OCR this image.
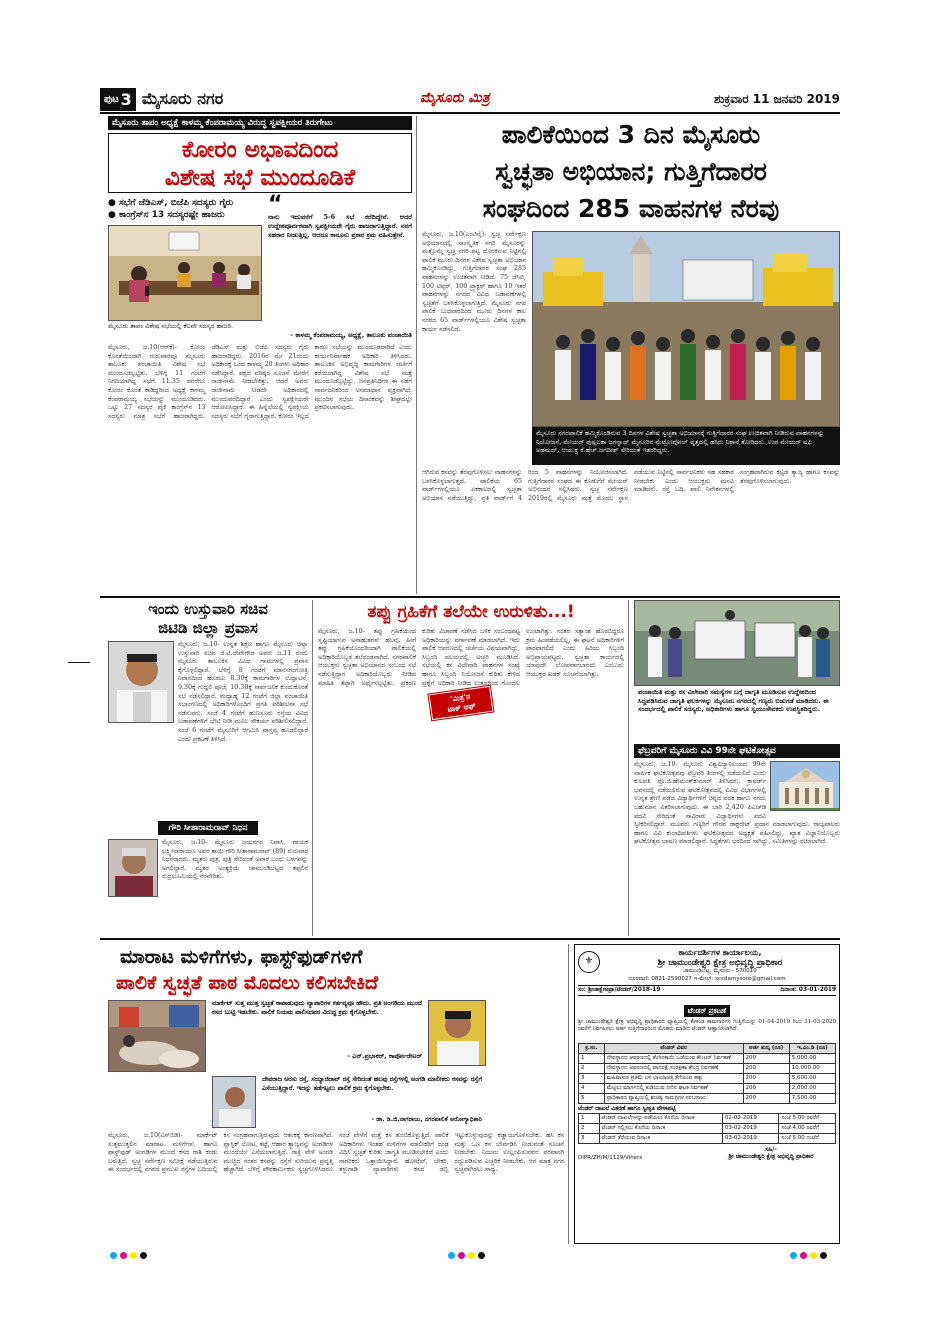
ಪುಟ 3 ಮೈಸೂರು ನಗರ	ಮೈಸೂರು ಮಿತ್ರ	ಶುಕ್ರವಾರ 11 ಜನವರಿ 2019
ಮೈಸೂರು ತಾಪಂ ಅಧ್ಯಕ್ಷೆ ಕಾಳಮ್ಮ ಕೆಂಪರಾಮಯ್ಯ ವಿರುದ್ಧ ಸ್ವಪಕ್ಷೀಯರ ತಿರುಗೇಟು
ಕೋರಂ ಅಭಾವದಿಂದ
ವಿಶೇಷ ಸಭೆ ಮುಂದೂಡಿಕೆ
● ಸಭೆಗೆ ಜೆಡಿಎಸ್, ಬಿಜೆಪಿ ಸದಸ್ಯರು ಗೈರು
● ಕಾಂಗ್ರೆಸ್‌ನ 13 ಸದಸ್ಯರಷ್ಟೇ ಹಾಜರು
ಮೈಸೂರು ತಾಪಂ ವಿಶೇಷ ಸಭೆಯಲ್ಲಿ ಕೆಲವೇ ಸದಸ್ಯರ ಹಾಜರಿ.
“
ನಾನು ಇದುವರೆಗೆ 5-6 ಸಭೆ ಕರೆದಿದ್ದೇನೆ. ಆದರೆ ಉದ್ದೇಶಪೂರ್ವಕವಾಗಿ ಸ್ವಪಕ್ಷೀಯರೇ ಗೈರು ಹಾಜರಾಗುತ್ತಿದ್ದಾರೆ. ನನಗೆ ಸಹಕಾರ ನೀಡುತ್ತಿಲ್ಲ. ಆದರೂ ಕಾನೂನು ಪ್ರಕಾರ ಕ್ರಮ ವಹಿಸುತ್ತೇನೆ.
- ಕಾಳಮ್ಮ ಕೆಂಪರಾಮಯ್ಯ, ಅಧ್ಯಕ್ಷೆ, ತಾಲೂಕು ಪಂಚಾಯಿತಿ
ಮೈಸೂರು, ಜ.10(ಆರ್‌ಕೆ)- ಕೋರಂ ಕೊರತೆಯಿಂದಾಗಿ ಗುರುವಾರವೂ ಮೈಸೂರು ತಾಲೂಕು ಪಂಚಾಯಿತಿ ವಿಶೇಷ ಸಭೆ ಮುಂದೂಡಲ್ಪಟ್ಟಿತು. ಬೆಳಿಗ್ಗೆ 11 ಗಂಟೆಗೆ ನಿಗದಿಯಾಗಿದ್ದ ಸಭೆಗೆ 11.35 ರವರೆಗೂ ಕೋರಂ ಕೊರತೆ ಕಾಡಿದ್ದರಿಂದ ಅಧ್ಯಕ್ಷೆ ಕಾಳಮ್ಮ ಕೆಂಪರಾಮಯ್ಯ ಸಭೆಯನ್ನು ಮುಂದೂಡಿದರು. ಒಟ್ಟು 27 ಸದಸ್ಯರ ಪೈಕಿ ಕಾಂಗ್ರೆಸ್‌ನ 13 ಸದಸ್ಯರು ಮಾತ್ರ ಸಭೆಗೆ ಹಾಜರಾಗಿದ್ದರು. ಜೆಡಿಎಸ್ ಮತ್ತು ಬಿಜೆಪಿ ಸದಸ್ಯರು ಗೈರು ಹಾಜರಾಗಿದ್ದರು. 2016ರ ಮೇ 21ರಂದು ಅಧಿಕಾರಕ್ಕೆ ಬಂದ ಕಾಳಮ್ಮ 20 ತಿಂಗಳು ಅಧಿಕಾರ ನಡೆಸಿದ್ದಾರೆ. ಪಕ್ಷದ ವರಿಷ್ಠರ ಸೂಚನೆ ಮೇರೆಗೆ ರಾಜೀನಾಮೆ ನೀಡಬೇಕಿತ್ತು. ಆದರೆ ಅವರು ರಾಜೀನಾಮೆ ನೀಡದೇ ಅಧಿಕಾರದಲ್ಲಿ ಮುಂದುವರೆದಿದ್ದಾರೆ ಎಂದು ಸ್ವಪಕ್ಷೀಯರೇ ಆರೋಪಿಸಿದ್ದಾರೆ. ಈ ಹಿನ್ನೆಲೆಯಲ್ಲಿ ಸ್ವಪಕ್ಷೀಯ ಸದಸ್ಯರು ಸಭೆಗೆ ಗೈರಾಗುತ್ತಿದ್ದಾರೆ. ಕೋರಂ ಇಲ್ಲದ ಕಾರಣ ಸಭೆಯನ್ನು ಮುಂದೂಡಲಾಗಿದೆ ಎಂದು ಕಾರ್ಯನಿರ್ವಾಹಕ ಅಧಿಕಾರಿ ತಿಳಿಸಿದರು. ತಾಲೂಕಿನ ಅಭಿವೃದ್ಧಿ ಕಾಮಗಾರಿಗಳ ಚರ್ಚೆಗೆ ಕರೆಯಲಾಗಿದ್ದ ವಿಶೇಷ ಸಭೆ ಮತ್ತೆ ಮುಂದೂಡಲ್ಪಟ್ಟಿದ್ದು, ಜನಪ್ರತಿನಿಧಿಗಳ ಈ ನಡೆಗೆ ಸಾರ್ವಜನಿಕರಿಂದ ಅಸಮಾಧಾನ ವ್ಯಕ್ತವಾಗಿದೆ. ಮುಂದಿನ ಸಭೆಯ ದಿನಾಂಕವನ್ನು ಶೀಘ್ರದಲ್ಲೇ ಪ್ರಕಟಿಸಲಾಗುವುದು.
ಪಾಲಿಕೆಯಿಂದ 3 ದಿನ ಮೈಸೂರು
ಸ್ವಚ್ಛತಾ ಅಭಿಯಾನ; ಗುತ್ತಿಗೆದಾರರ
ಸಂಘದಿಂದ 285 ವಾಹನಗಳ ನೆರವು
ಮೈಸೂರು, ಜ.10(ಎಂಟಿವೈ)- ಸ್ವಚ್ಛ ಸರ್ವೇಕ್ಷಣ ಅಭಿಯಾನದಲ್ಲಿ ಸಾಂಸ್ಕೃತಿಕ ನಗರಿ ಮೈಸೂರನ್ನು ಮತ್ತೊಮ್ಮೆ ಸ್ವಚ್ಛ ನಗರಿ ಪಟ್ಟ ದೊರಕಿಸುವ ನಿಟ್ಟಿನಲ್ಲಿ ಪಾಲಿಕೆ ಮೂರು ದಿನಗಳ ವಿಶೇಷ ಸ್ವಚ್ಛತಾ ಅಭಿಯಾನ ಹಮ್ಮಿಕೊಂಡಿದ್ದು, ಗುತ್ತಿಗೆದಾರರ ಸಂಘ 285 ವಾಹನಗಳನ್ನು ಉಚಿತವಾಗಿ ನೀಡಿದೆ. 75 ಜೆಸಿಬಿ, 100 ಟಿಪ್ಪರ್, 100 ಟ್ರ್ಯಾಕ್ಟರ್ ಹಾಗೂ 10 ಇತರೆ ವಾಹನಗಳನ್ನು ನಗರದ ವಿವಿಧ ಬಡಾವಣೆಗಳಲ್ಲಿ ಸ್ವಚ್ಛತೆಗೆ ಬಳಸಿಕೊಳ್ಳಲಾಗುತ್ತಿದೆ. ಮೈಸೂರು ನಗರ ಪಾಲಿಕೆ ಬುಧವಾರದಿಂದ ಮೂರು ದಿನಗಳ ಕಾಲ ನಗರದ 65 ವಾರ್ಡ್‌ಗಳಲ್ಲಿಯೂ ವಿಶೇಷ ಸ್ವಚ್ಛತಾ ಕಾರ್ಯ ನಡೆಸಲಿದೆ.
ಮೈಸೂರು ನಗರಪಾಲಿಕೆ ಹಮ್ಮಿಕೊಂಡಿರುವ 3 ದಿನಗಳ ವಿಶೇಷ ಸ್ವಚ್ಛತಾ ಅಭಿಯಾನಕ್ಕೆ ಗುತ್ತಿಗೆದಾರರ ಸಂಘ ಉಚಿತವಾಗಿ ನೀಡಿರುವ ವಾಹನಗಳನ್ನು ನಿಯೋಜನೆ, ಮೇಯರ್ ಪುಷ್ಪಲತಾ ಜಗನ್ನಾಥ್ ಮೈಸೂರಿನ ಮೆಟ್ರೋಪೋಲ್ ವೃತ್ತದಲ್ಲಿ ಹಸಿರು ನಿಶಾನೆ ತೋರಿದರು. ಉಪ ಮೇಯರ್ ಷಫಿ ಅಹಮದ್, ಆಯುಕ್ತ ಕೆ.ಹೆಚ್.ಜಗದೀಶ್ ಸೇರಿದಂತೆ ಇತರರಿದ್ದರು.
ಆಗಿರುವ ಕಸವನ್ನು ತೆರವುಗೊಳಿಸಲು ವಾಹನಗಳನ್ನು ಬಳಸಿಕೊಳ್ಳಲಾಗುತ್ತದೆ. ಪಾಲಿಕೆಯ 65 ವಾರ್ಡ್‌ಗಳಲ್ಲಿಯೂ ಏಕಕಾಲದಲ್ಲಿ ಸ್ವಚ್ಛತಾ ಅಭಿಯಾನ ನಡೆಯುತ್ತಿದ್ದು, ಪ್ರತಿ ವಾರ್ಡ್‌ಗೆ 4 ರಿಂದ 5 ವಾಹನಗಳನ್ನು ನಿಯೋಜಿಸಲಾಗಿದೆ. ಗುತ್ತಿಗೆದಾರರ ಸಂಘದ ಈ ಕೊಡುಗೆಗೆ ಮೇಯರ್ ಅಭಿನಂದನೆ ಸಲ್ಲಿಸಿದರು. ಸ್ವಚ್ಛ ಸರ್ವೇಕ್ಷಣ 2019ರಲ್ಲಿ ಮೈಸೂರು ಮತ್ತೆ ಮೊದಲ ಸ್ಥಾನ ಪಡೆಯುವ ನಿಟ್ಟಿನಲ್ಲಿ ಸಾರ್ವಜನಿಕರು ಸಹ ಸಹಕಾರ ನೀಡಬೇಕು ಎಂದು ಆಯುಕ್ತರು ಮನವಿ ಮಾಡಿದರು. ರಸ್ತೆ ಬದಿ, ಖಾಲಿ ನಿವೇಶನಗಳಲ್ಲಿ ಸಂಗ್ರಹವಾಗಿರುವ ಕಟ್ಟಡ ತ್ಯಾಜ್ಯ ಹಾಗೂ ಕಸವನ್ನು ತೆರವುಗೊಳಿಸಲಾಗುವುದು.
ಇಂದು ಉಸ್ತುವಾರಿ ಸಚಿವ
ಜಿಟಿಡಿ ಜಿಲ್ಲಾ ಪ್ರವಾಸ
ಮೈಸೂರು, ಜ.10- ಉನ್ನತ ಶಿಕ್ಷಣ ಹಾಗೂ ಮೈಸೂರು ಜಿಲ್ಲಾ ಉಸ್ತುವಾರಿ ಸಚಿವ ಜಿ.ಟಿ.ದೇವೇಗೌಡ ಅವರು ಜ.11 ರಂದು ಮೈಸೂರು ತಾಲೂಕಿನ ವಿವಿಧ ಗ್ರಾಮಗಳಲ್ಲಿ ಪ್ರವಾಸ ಕೈಗೊಳ್ಳಲಿದ್ದಾರೆ. ಬೆಳಿಗ್ಗೆ 8 ಗಂಟೆಗೆ ಮಾನಸಗಂಗೋತ್ರಿ ನಿವಾಸದಿಂದ ಹೊರಟು 8.30ಕ್ಕೆ ಕಾಮಗಾರಿಗಳ ಉದ್ಘಾಟನೆ, 9.30ಕ್ಕೆ ಗುದ್ದಲಿ ಪೂಜೆ, 10.30ಕ್ಕೆ ಸಾರ್ವಜನಿಕ ಕುಂದುಕೊರತೆ ಸಭೆ ನಡೆಸಲಿದ್ದಾರೆ. ಮಧ್ಯಾಹ್ನ 12 ಗಂಟೆಗೆ ಜಿಲ್ಲಾ ಪಂಚಾಯಿತಿ ಸಭಾಂಗಣದಲ್ಲಿ ಅಧಿಕಾರಿಗಳೊಂದಿಗೆ ಪ್ರಗತಿ ಪರಿಶೀಲನಾ ಸಭೆ ನಡೆಸುವರು. ಸಂಜೆ 4 ಗಂಟೆಗೆ ಹುಣಸೂರು ರಸ್ತೆಯ ವಿವಿಧ ಬಡಾವಣೆಗಳಿಗೆ ಭೇಟಿ ನೀಡಿ ಮೂಲ ಸೌಕರ್ಯ ಪರಿಶೀಲಿಸಲಿದ್ದಾರೆ. ಸಂಜೆ 6 ಗಂಟೆಗೆ ಮೈಸೂರಿಗೆ ಆಗಮಿಸಿ ವಾಸ್ತವ್ಯ ಹೂಡಲಿದ್ದಾರೆ ಎಂದು ಪ್ರಕಟಣೆ ತಿಳಿಸಿದೆ.
ಗೌರಿ ಸೀತಾರಾಮರಾವ್ ನಿಧನ
ಮೈಸೂರು, ಜ.10- ಮೈಸೂರು ಜಯನಗರ ನಿವಾಸಿ, ಗಾಯಕ ಲಕ್ಷ್ಮೀನಾರಾಯಣ ಅವರ ತಾಯಿ ಗೌರಿ ಸೀತಾರಾಮರಾವ್ (89) ಗುರುವಾರ ನಿಧನರಾದರು. ಮೃತರು ಪುತ್ರ, ಪುತ್ರಿ ಸೇರಿದಂತೆ ಅಪಾರ ಬಂಧು ಬಳಗವನ್ನು ಅಗಲಿದ್ದಾರೆ. ಮೃತರ ಅಂತ್ಯಕ್ರಿಯೆ ಚಾಮುಂಡಿಬೆಟ್ಟದ ತಪ್ಪಲಿನ ರುದ್ರಭೂಮಿಯಲ್ಲಿ ನೆರವೇರಿತು.
ತಪ್ಪು ಗ್ರಹಿಕೆಗೆ ತಲೆಯೇ ಉರುಳಿತು...!
'ಮಿತ್ರ'ನ
ಟಾಕ್ ಆಫ್
ಮೈಸೂರು, ಜ.10- ತಪ್ಪು ಗ್ರಹಿಕೆಯಿಂದ ಸೃಷ್ಟಿಯಾಗುವ ಅನಾಹುತಗಳು ಹಲವು. ಹೀಗೆ ತಪ್ಪು ಗ್ರಹಿಕೆಯೊಂದರಿಂದಾಗಿ ಪಾಲಿಕೆಯಲ್ಲಿ ಅಧಿಕಾರಿಯೊಬ್ಬರ ತಲೆದಂಡವಾಗಿದೆ. ನಗರಪಾಲಿಕೆ ಆಯುಕ್ತರು ಸ್ವಚ್ಛತಾ ಅಭಿಯಾನದ ಸಂಬಂಧ ಸಭೆ ನಡೆಸುತ್ತಿದ್ದಾಗ ಅಧಿಕಾರಿಯೊಬ್ಬರು ನೀಡಿದ ಮಾಹಿತಿ ತಪ್ಪಾಗಿ ಅರ್ಥೈಸಲ್ಪಟ್ಟಿತು. ಪ್ರಕರಣ ಕುರಿತು ವಿಚಾರಣೆ ನಡೆಸಿದ ಬಳಿಕ ಸಂಬಂಧಪಟ್ಟ ಅಧಿಕಾರಿಯನ್ನು ವರ್ಗಾವಣೆ ಮಾಡಲಾಗಿದೆ. ಇದು ಪಾಲಿಕೆ ಆವರಣದಲ್ಲಿ ಚರ್ಚೆಯ ವಿಷಯವಾಗಿದ್ದು, ಸಿಬ್ಬಂದಿ ವಲಯದಲ್ಲಿ ಅಚ್ಚರಿ ಮೂಡಿಸಿದೆ. ಸಭೆಯಲ್ಲಿ ಕಸ ವಿಲೇವಾರಿ ವಾಹನಗಳ ಸಂಖ್ಯೆ ಹಾಗೂ ಸಿಬ್ಬಂದಿ ನಿಯೋಜನೆ ಕುರಿತು ಕೇಳಿದ ಪ್ರಶ್ನೆಗೆ ಅಧಿಕಾರಿ ನೀಡಿದ ಉತ್ತರದಿಂದ ಗೊಂದಲ ಉಂಟಾಗಿತ್ತು. ನಂತರ ಸತ್ಯಾಂಶ ಹೊರಬಿದ್ದರೂ ಕ್ರಮ ಹಿಂಪಡೆಯಲಿಲ್ಲ. ಈ ಘಟನೆ ಅಧಿಕಾರಿಗಳಿಗೆ ಪಾಠವಾಗಲಿದೆ ಎಂದು ಹಿರಿಯ ಸಿಬ್ಬಂದಿ ಅಭಿಪ್ರಾಯಪಟ್ಟರು. ಸ್ವಚ್ಛತಾ ಕಾರ್ಯದಲ್ಲಿ ಯಾವುದೇ ಲೋಪವಾಗಬಾರದು ಎಂಬುದು ಆಯುಕ್ತರ ಖಡಕ್ ಸೂಚನೆಯಾಗಿತ್ತು.
ಪಂಚಾಯಿತಿ ಮತ್ತು ಕಸ ವಿಲೇವಾರಿ ಸಮಸ್ಯೆಗಳ ಬಗ್ಗೆ ಜಾಗೃತಿ ಮೂಡಿಸುವ ಉದ್ದೇಶದಿಂದ ಸಿದ್ಧಪಡಿಸಿರುವ ಜಾಗೃತಿ ಫಲಕಗಳನ್ನು ಮೈಸೂರು ನಗರದಲ್ಲಿ ಗಣ್ಯರು ಬಿಡುಗಡೆ ಮಾಡಿದರು. ಈ ಸಂದರ್ಭದಲ್ಲಿ ಪಾಲಿಕೆ ಸದಸ್ಯರು, ಅಧಿಕಾರಿಗಳು ಹಾಗೂ ಸ್ವಯಂಸೇವಕರು ಉಪಸ್ಥಿತರಿದ್ದರು.
ಫೆಬ್ರವರಿಗೆ ಮೈಸೂರು ವಿವಿ 99ನೇ ಘಟಿಕೋತ್ಸವ
ಮೈಸೂರು, ಜ.10- ಮೈಸೂರು ವಿಶ್ವವಿದ್ಯಾನಿಲಯದ 99ನೇ ವಾರ್ಷಿಕ ಘಟಿಕೋತ್ಸವವು ಫೆಬ್ರವರಿ ತಿಂಗಳಲ್ಲಿ ನಡೆಯಲಿದೆ ಎಂದು ಕುಲಪತಿ ಪ್ರೊ.ಜಿ.ಹೇಮಂತ್‌ಕುಮಾರ್ ತಿಳಿಸಿದರು. ಕ್ರಾಫರ್ಡ್ ಭವನದಲ್ಲಿ ನಡೆಯಲಿರುವ ಘಟಿಕೋತ್ಸವದಲ್ಲಿ ವಿವಿಧ ವಿಭಾಗಗಳಲ್ಲಿ ಉನ್ನತ ಶ್ರೇಣಿ ಪಡೆದ ವಿದ್ಯಾರ್ಥಿಗಳಿಗೆ ಚಿನ್ನದ ಪದಕ ಹಾಗೂ ನಗದು ಬಹುಮಾನ ವಿತರಿಸಲಾಗುವುದು. ಈ ಬಾರಿ 2,420 ಪಿಎಚ್‌ಡಿ ಪದವಿ ಸೇರಿದಂತೆ ಸಾವಿರಾರು ವಿದ್ಯಾರ್ಥಿಗಳು ಪದವಿ ಸ್ವೀಕರಿಸಲಿದ್ದಾರೆ. ಮೂವರು ಗಣ್ಯರಿಗೆ ಗೌರವ ಡಾಕ್ಟರೇಟ್ ಪ್ರದಾನ ಮಾಡಲಾಗುವುದು. ರಾಜ್ಯಪಾಲರು ಹಾಗೂ ವಿವಿ ಕುಲಾಧಿಪತಿಗಳು ಘಟಿಕೋತ್ಸವದ ಅಧ್ಯಕ್ಷತೆ ವಹಿಸಲಿದ್ದು, ಖ್ಯಾತ ವಿಜ್ಞಾನಿಯೊಬ್ಬರು ಘಟಿಕೋತ್ಸವ ಭಾಷಣ ಮಾಡಲಿದ್ದಾರೆ. ಸಿದ್ಧತೆಗಳು ಭರದಿಂದ ಸಾಗಿದ್ದು, ಸಮಿತಿಗಳನ್ನು ರಚಿಸಲಾಗಿದೆ.
ಮಾರಾಟ ಮಳಿಗೆಗಳು, ಫಾಸ್ಟ್‌ಫುಡ್‌ಗಳಿಗೆ
ಪಾಲಿಕೆ ಸ್ವಚ್ಛತೆ ಪಾಠ ಮೊದಲು ಕಲಿಸಬೇಕಿದೆ
ಮಾರ್ಕೆಟ್ ಸುತ್ತ ಮುತ್ತ ಸ್ವಚ್ಛತೆ ಕಾಪಾಡುವುದು ವ್ಯಾಪಾರಿಗಳ ಕರ್ತವ್ಯವೂ ಹೌದು. ಪ್ರತಿ ಅಂಗಡಿಯ ಮುಂದೆ ಕಸದ ಬುಟ್ಟಿ ಇಡಬೇಕು. ಪಾಲಿಕೆ ನಿಯಮ ಪಾಲಿಸದವರ ವಿರುದ್ಧ ಕ್ರಮ ಕೈಗೊಳ್ಳಬೇಕು.
- ಎನ್.ಪ್ರಭಾಕರ್, ಕಾರ್ಪೋರೇಟರ್
ದೇವರಾಜ ಅರಸು ರಸ್ತೆ, ಸಯ್ಯಾಜಿರಾವ್ ರಸ್ತೆ ಸೇರಿದಂತೆ ಹಲವು ರಸ್ತೆಗಳಲ್ಲಿ ಅಂಗಡಿ ಮಾಲೀಕರು ಕಸವನ್ನು ರಸ್ತೆಗೆ ಎಸೆಯುತ್ತಿದ್ದಾರೆ. ಇದನ್ನು ತಡೆಗಟ್ಟಲು ಪಾಲಿಕೆ ಕ್ರಮ ಕೈಗೊಳ್ಳಬೇಕು.
- ಡಾ. ಡಿ.ಜಿ.ನಾಗರಾಜು, ನಗರಪಾಲಿಕೆ ಆರೋಗ್ಯಾಧಿಕಾರಿ
ಮೈಸೂರು, ಜ.10(ಎಸ್‌ಬಿಡಿ)- ಮಾರ್ಕೆಟ್ ಸುತ್ತಮುತ್ತಲಿನ ಮಾರಾಟ ಮಳಿಗೆಗಳು ಹಾಗೂ ಫಾಸ್ಟ್‌ಫುಡ್ ಅಂಗಡಿಗಳ ಮುಂದೆ ಕಸದ ರಾಶಿ ಕಂಡು ಬರುತ್ತಿದೆ. ಸ್ವಚ್ಛ ಸರ್ವೇಕ್ಷಣ ಸಮೀಕ್ಷೆ ನಡೆಯುತ್ತಿರುವ ಈ ಸಂದರ್ಭದಲ್ಲಿ ನಗರದ ಪ್ರಮುಖ ರಸ್ತೆಗಳ ಬದಿಯಲ್ಲಿ ಕಸ ಸಂಗ್ರಹವಾಗುತ್ತಿರುವುದು ಆತಂಕಕ್ಕೆ ಕಾರಣವಾಗಿದೆ. ಪ್ಲಾಸ್ಟಿಕ್ ಲೋಟ, ತಟ್ಟೆ, ಆಹಾರ ತ್ಯಾಜ್ಯವನ್ನು ಅಂಗಡಿಗಳ ಮುಂದೆಯೇ ಎಸೆಯಲಾಗುತ್ತಿದೆ. ರಾತ್ರಿ ವೇಳೆ ಅಂಗಡಿ ಮುಚ್ಚಿದ ನಂತರ ಕಸವನ್ನು ರಸ್ತೆಗೆ ಸುರಿಯುವ ಪ್ರವೃತ್ತಿ ಹೆಚ್ಚಾಗಿದೆ. ಬೆಳಿಗ್ಗೆ ಪೌರಕಾರ್ಮಿಕರು ಸ್ವಚ್ಛಗೊಳಿಸಿದರೂ ಸಂಜೆ ವೇಳೆಗೆ ಮತ್ತೆ ಕಸ ತುಂಬಿಕೊಳ್ಳುತ್ತಿದೆ. ಪಾಲಿಕೆ ಅಧಿಕಾರಿಗಳು ಇಂತಹ ಮಳಿಗೆಗಳ ಮಾಲೀಕರಿಗೆ ದಂಡ ವಿಧಿಸಿ ಸ್ವಚ್ಛತೆ ಕುರಿತು ಜಾಗೃತಿ ಮೂಡಿಸಬೇಕಿದೆ ಎಂದು ನಾಗರಿಕರು ಒತ್ತಾಯಿಸಿದ್ದಾರೆ. ಹೋಟೆಲ್, ಬೇಕರಿ, ತಳ್ಳುಗಾಡಿ ವ್ಯಾಪಾರಿಗಳು ಕಸದ ಡಬ್ಬಿ ಇಟ್ಟುಕೊಳ್ಳುವುದನ್ನು ಕಡ್ಡಾಯಗೊಳಿಸಬೇಕು. ಹಸಿ ಕಸ ಮತ್ತು ಒಣ ಕಸ ಬೇರ್ಪಡಿಸಿ ನೀಡುವಂತೆ ಸೂಚನೆ ನೀಡಬೇಕು. ನಿಯಮ ಉಲ್ಲಂಘಿಸುವವರ ಪರವಾನಗಿ ರದ್ದುಪಡಿಸುವ ಎಚ್ಚರಿಕೆ ನೀಡಬೇಕು. ಆಗ ಮಾತ್ರ ನಗರ ಸ್ವಚ್ಛವಾಗಿರಲು ಸಾಧ್ಯ.
⚜
ಕಾರ್ಯದರ್ಶಿಗಳ ಕಾರ್ಯಾಲಯ,
ಶ್ರೀ ಚಾಮುಂಡೇಶ್ವರಿ ಕ್ಷೇತ್ರ ಅಭಿವೃದ್ಧಿ ಪ್ರಾಧಿಕಾರ
ಚಾಮುಂಡಿಬೆಟ್ಟ, ಮೈಸೂರು - 570010
ದೂರವಾಣಿ: 0821-2590027 ಇ-ಮೇಲ್: sccdamysore@gmail.com
ಸಂ: ಶ್ರೀಚಾಕ್ಷೇಅಪ್ರಾ/ಟೆಂಡರ್/2018-19	ದಿನಾಂಕ: 03-01-2019
ಟೆಂಡರ್ ಪ್ರಕಟಣೆ
ಶ್ರೀ ಚಾಮುಂಡೇಶ್ವರಿ ಕ್ಷೇತ್ರ ಅಭಿವೃದ್ಧಿ ಪ್ರಾಧಿಕಾರದ ವ್ಯಾಪ್ತಿಯಲ್ಲಿ ಕೆಳಕಂಡ ಕಾಮಗಾರಿಗಳ ಗುತ್ತಿಗೆಯನ್ನು 01-04-2019 ರಿಂದ 31-03-2020 ರವರೆಗೆ ನಿರ್ವಹಿಸಲು ಅರ್ಹ ಗುತ್ತಿಗೆದಾರರಿಂದ ಮೊಹರು ಮಾಡಿದ ಟೆಂಡರ್ ಆಹ್ವಾನಿಸಲಾಗಿದೆ.
ಕ್ರ.ಸಂ.	ಟೆಂಡರ್ ವಿವರ	ಅರ್ಜಿ ಶುಲ್ಕ (ರೂ)	ಇ.ಎಂ.ಡಿ (ರೂ)
1	ದೇವಸ್ಥಾನದ ಆವರಣದಲ್ಲಿ ತೆಂಗಿನಕಾಯಿ ಒಡೆಯುವ ಕೌಂಟರ್ ನಿರ್ವಹಣೆ	200	5,000.00
2	ದೇವಸ್ಥಾನದ ಆವರಣದಲ್ಲಿ ಪಾದರಕ್ಷೆ ಸಂರಕ್ಷಣಾ ಕೇಂದ್ರ ನಿರ್ವಹಣೆ	200	10,000.00
3	ಮಹಿಷಾಸುರ ಪ್ರತಿಮೆ ಬಳಿ ಛಾಯಾಚಿತ್ರ ತೆಗೆಯುವ ಹಕ್ಕು	200	5,000.00
4	ಮೆಟ್ಟಿಲು ಮಾರ್ಗದಲ್ಲಿ ಕುಡಿಯುವ ನೀರಿನ ಘಟಕ ನಿರ್ವಹಣೆ	200	2,000.00
5	ಪ್ರಾಧಿಕಾರದ ವ್ಯಾಪ್ತಿಯಲ್ಲಿ ಶುಚಿತ್ವ ಸಾಮಗ್ರಿಗಳ ಸರಬರಾಜು	200	7,500.00
ಟೆಂಡರ್ ದಾಖಲೆ ವಿತರಣೆ ಹಾಗೂ ಸ್ವೀಕೃತಿ ವೇಳಾಪಟ್ಟಿ
1	ಟೆಂಡರ್ ದಾಖಲೆಗಳನ್ನು ಪಡೆಯಲು ಕೊನೆಯ ದಿನಾಂಕ	02-02-2019	ಸಂಜೆ 5.00 ರವರೆಗೆ
2	ಟೆಂಡರ್ ಸಲ್ಲಿಸಲು ಕೊನೆಯ ದಿನಾಂಕ	03-02-2019	ಸಂಜೆ 4.00 ರವರೆಗೆ
3	ಟೆಂಡರ್ ತೆರೆಯುವ ದಿನಾಂಕ	03-02-2019	ಸಂಜೆ 5.00 ಗಂಟೆಗೆ
DIPR/ZH/M/1119/Vihers
ಸಹಿ/-
ಶ್ರೀ ಚಾಮುಂಡೇಶ್ವರಿ ಕ್ಷೇತ್ರ ಅಭಿವೃದ್ಧಿ ಪ್ರಾಧಿಕಾರ
